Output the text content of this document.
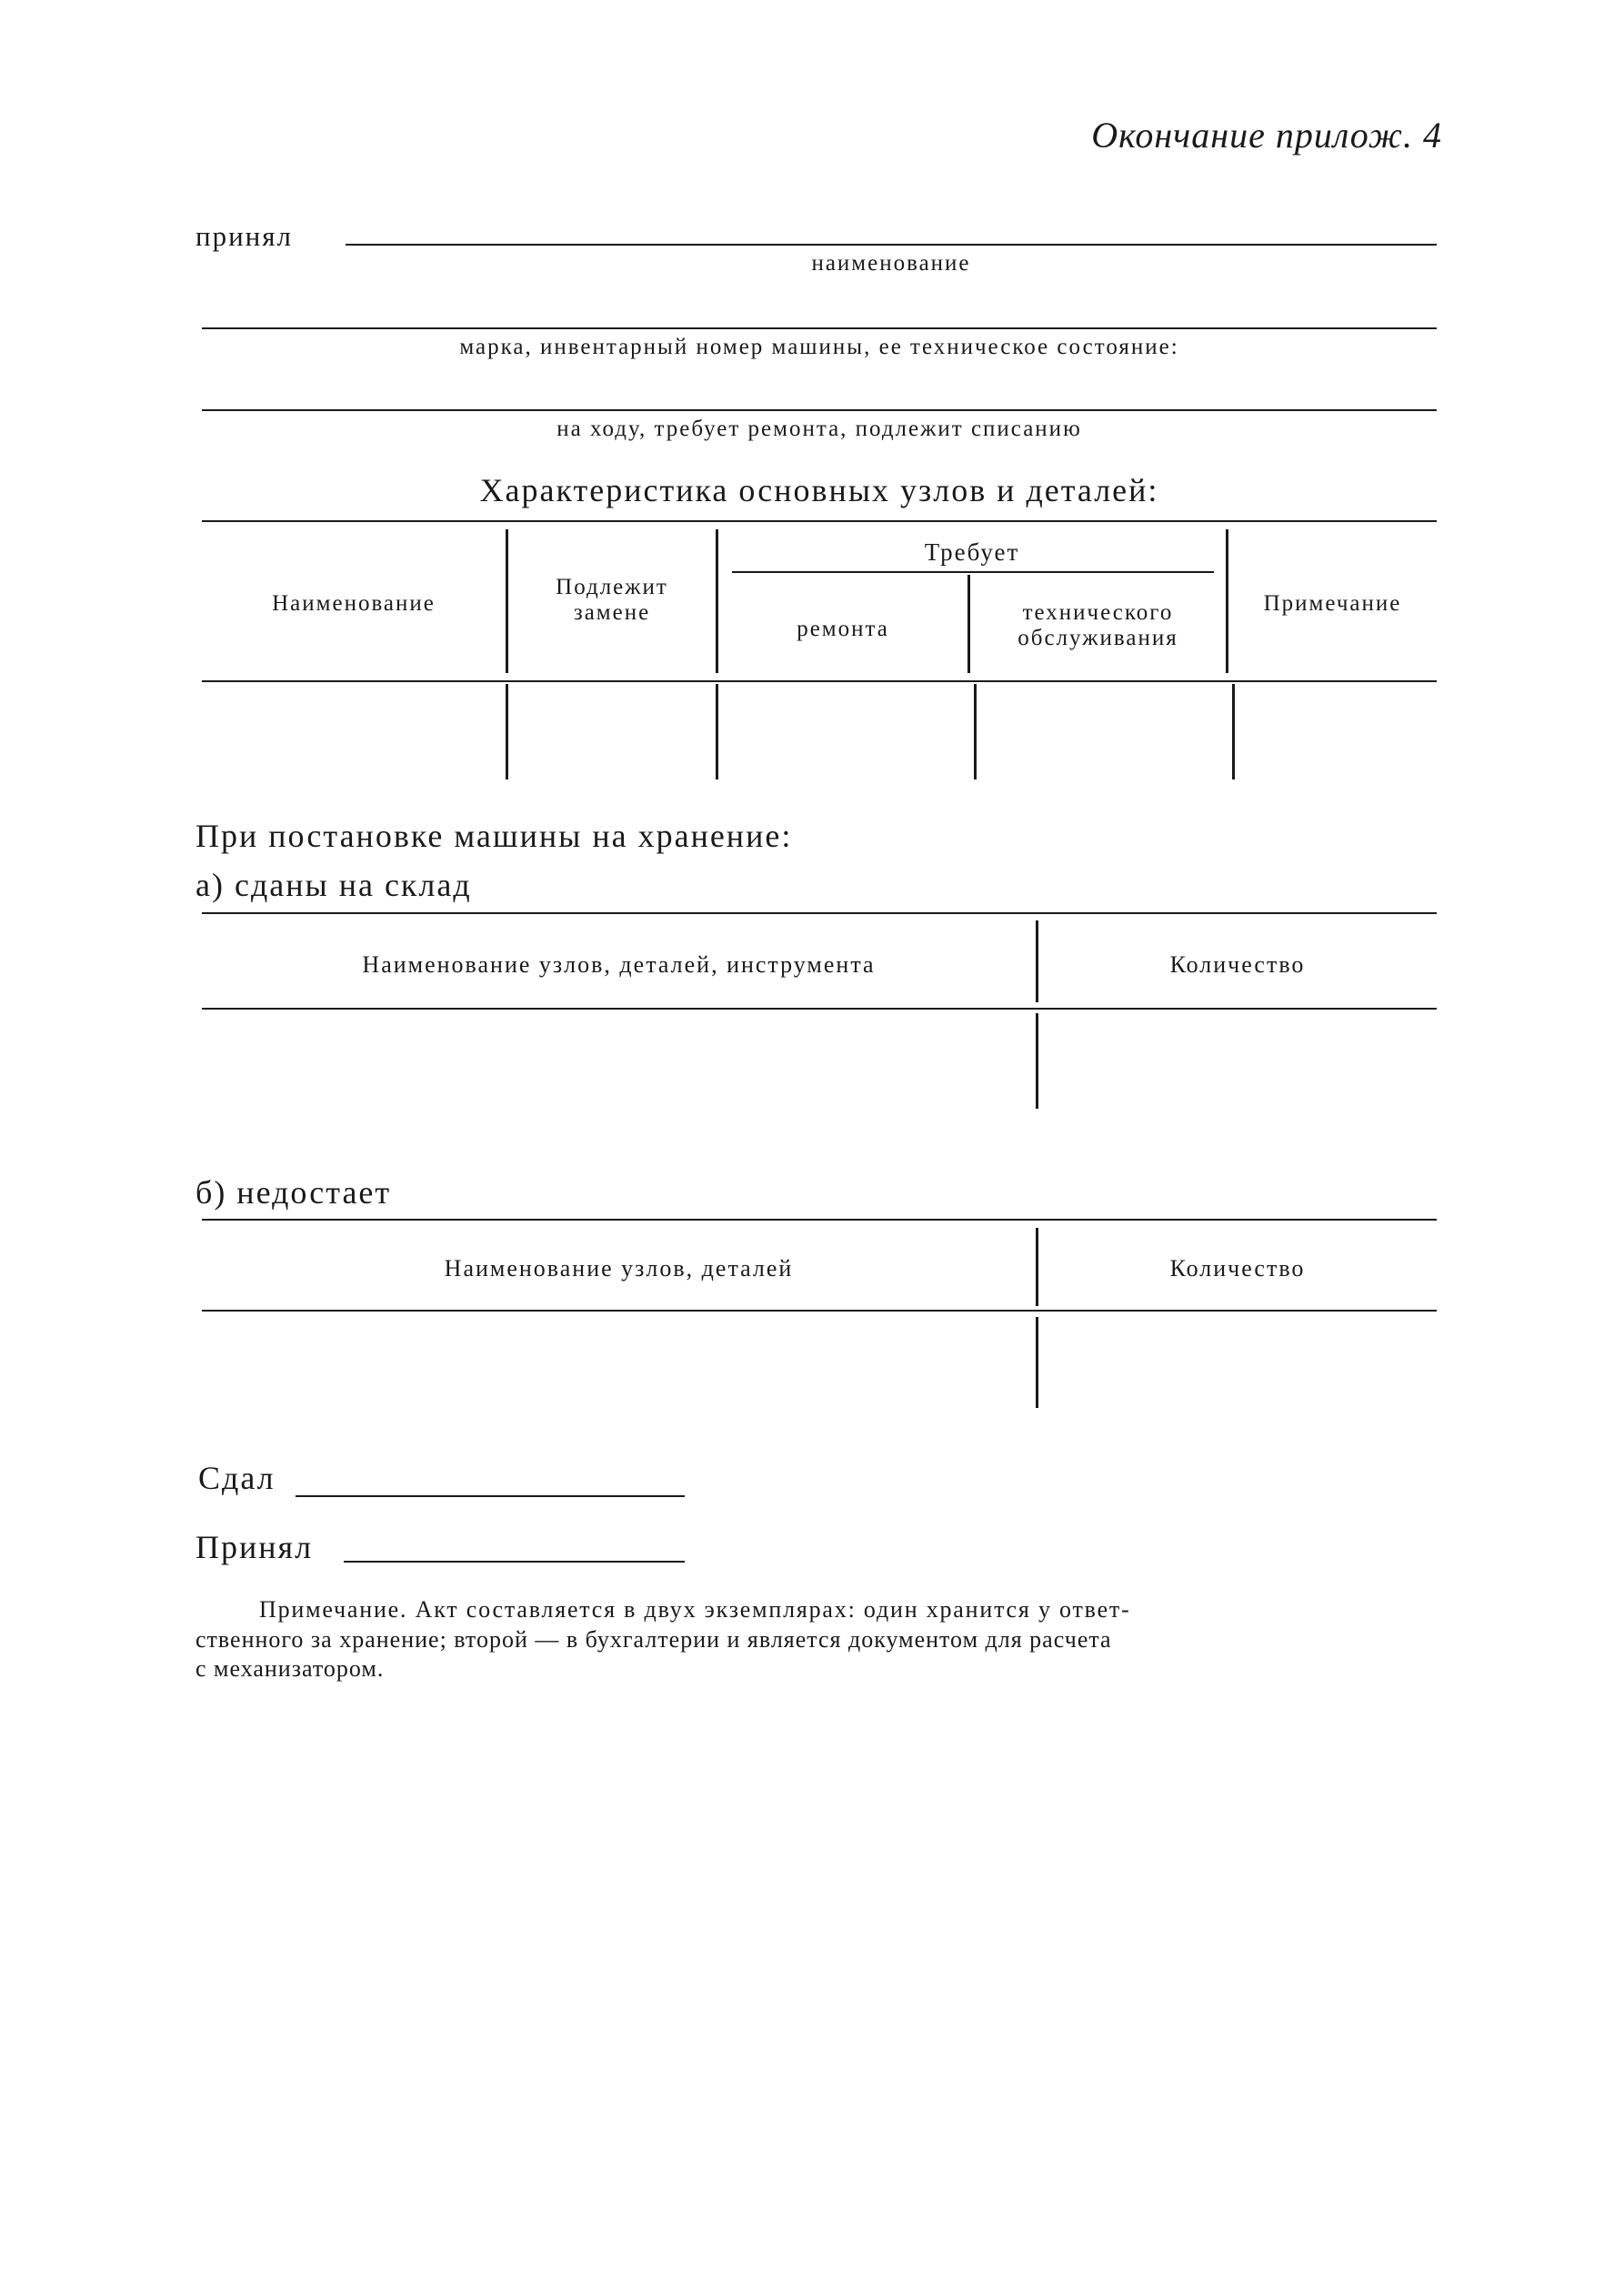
Окончание прилож. 4
принял
наименование
марка, инвентарный номер машины, ее техническое состояние:
на ходу, требует ремонта, подлежит списанию
Характеристика основных узлов и деталей:
Наименование
Подлежит
замене
Требует
ремонта
технического
обслуживания
Примечание
При постановке машины на хранение:
а) сданы на склад
Наименование узлов, деталей, инструмента	Количество
б) недостает
Наименование узлов, деталей	Количество
Сдал
Принял
Примечание. Акт составляется в двух экземплярах: один хранится у ответ-
ственного за хранение; второй — в бухгалтерии и является документом для расчета
с механизатором.
